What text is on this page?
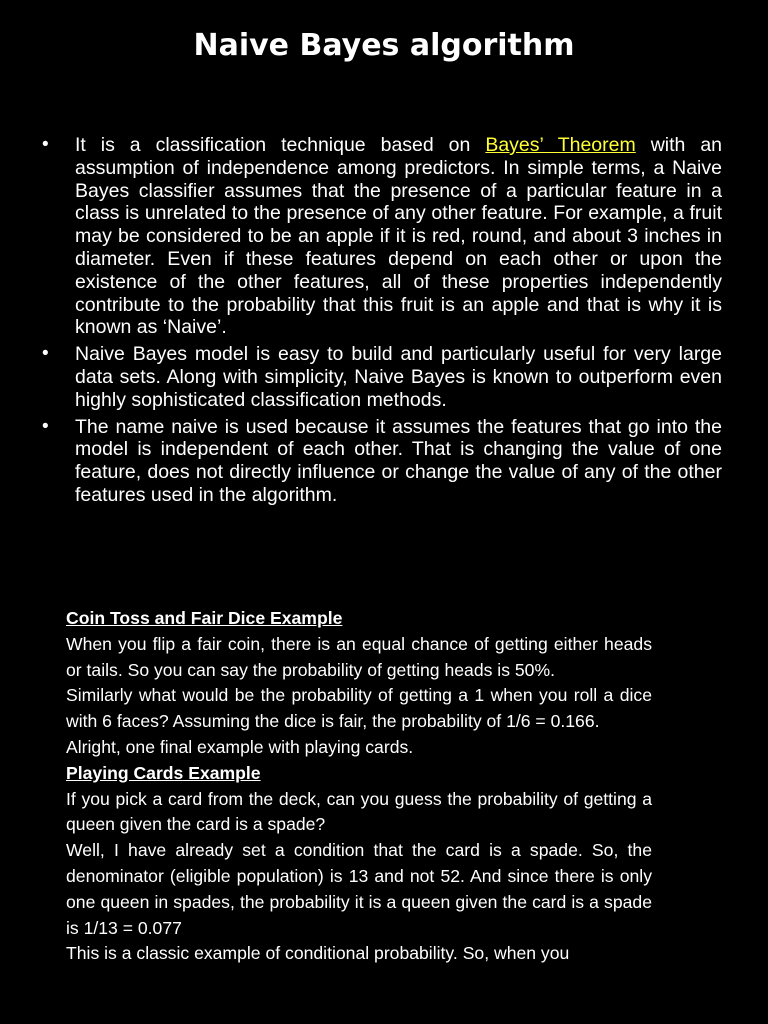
Naive Bayes algorithm
• It is a classification technique based on Bayes’ Theorem with an assumption of independence among predictors. In simple terms, a Naive Bayes classifier assumes that the presence of a particular feature in a class is unrelated to the presence of any other feature. For example, a fruit may be considered to be an apple if it is red, round, and about 3 inches in diameter. Even if these features depend on each other or upon the existence of the other features, all of these properties independently contribute to the probability that this fruit is an apple and that is why it is known as ‘Naive’.
• Naive Bayes model is easy to build and particularly useful for very large data sets. Along with simplicity, Naive Bayes is known to outperform even highly sophisticated classification methods.
• The name naive is used because it assumes the features that go into the model is independent of each other. That is changing the value of one feature, does not directly influence or change the value of any of the other features used in the algorithm.

Coin Toss and Fair Dice Example

When you flip a fair coin, there is an equal chance of getting either heads or tails. So you can say the probability of getting heads is 50%.

Similarly what would be the probability of getting a 1 when you roll a dice with 6 faces? Assuming the dice is fair, the probability of 1/6 = 0.166.

Alright, one final example with playing cards.

Playing Cards Example

If you pick a card from the deck, can you guess the probability of getting a queen given the card is a spade?

Well, I have already set a condition that the card is a spade. So, the denominator (eligible population) is 13 and not 52. And since there is only one queen in spades, the probability it is a queen given the card is a spade is 1/13 = 0.077

This is a classic example of conditional probability. So, when you
